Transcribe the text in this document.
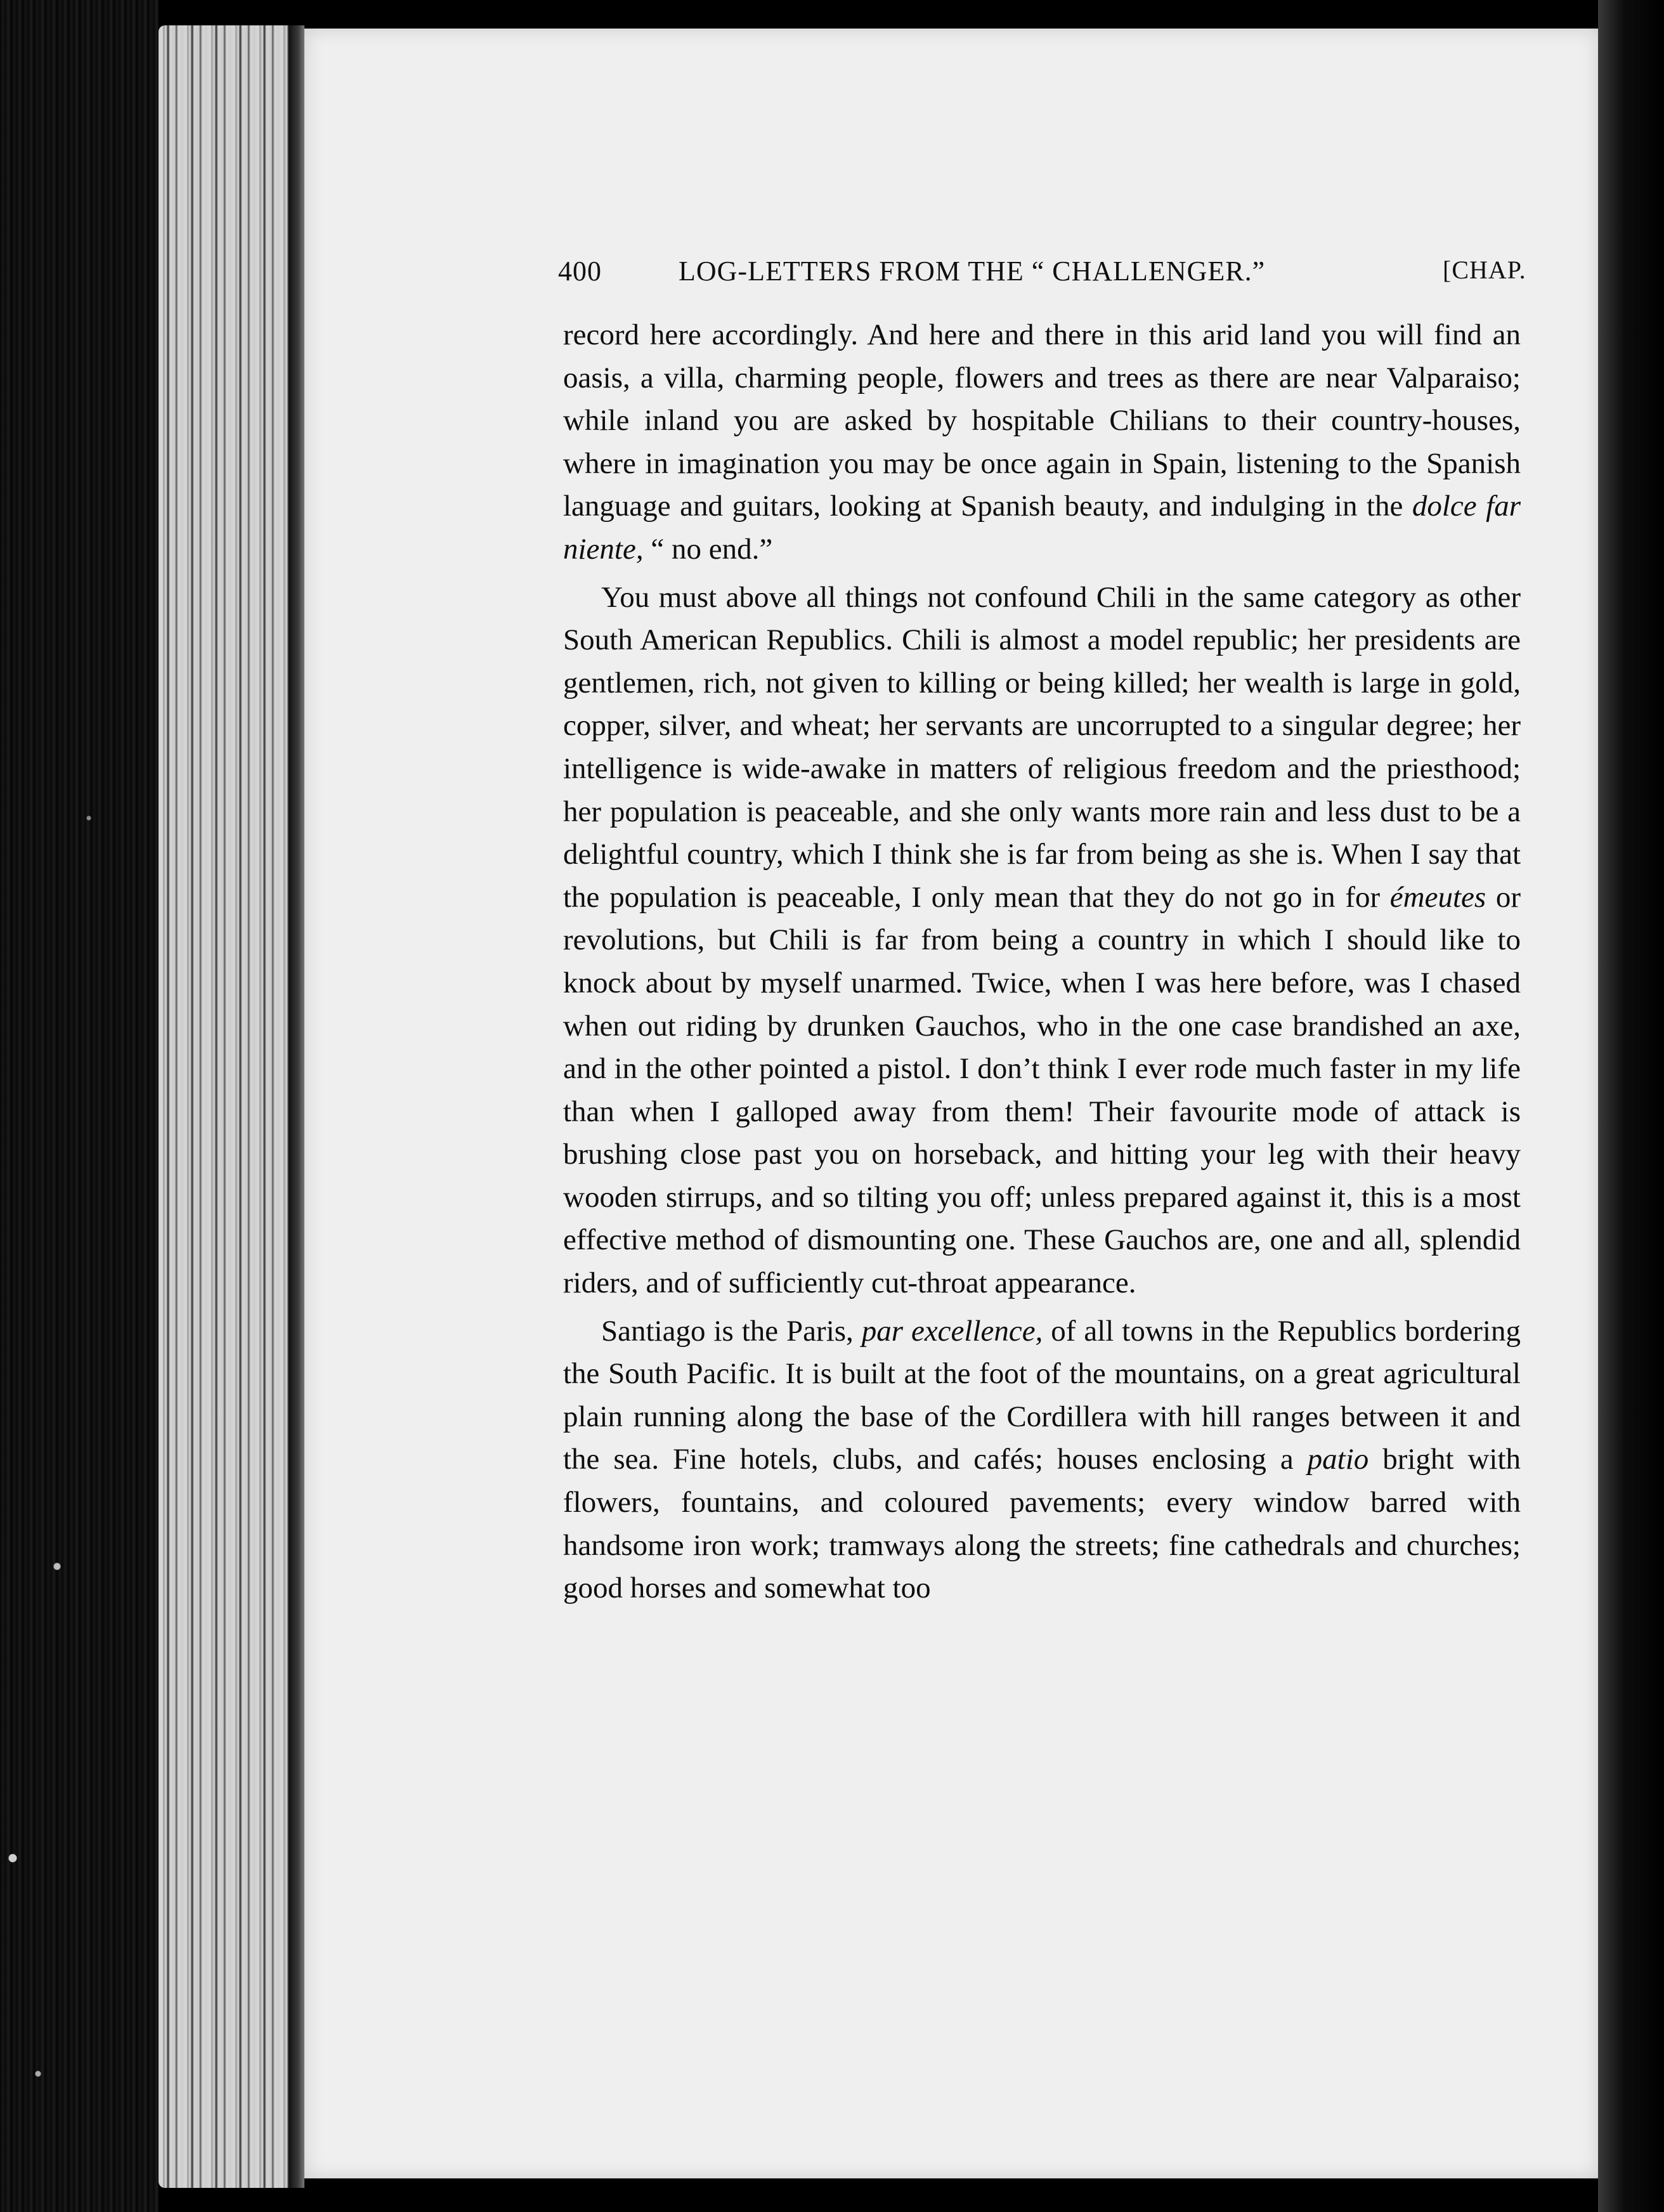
400	LOG-LETTERS FROM THE “ CHALLENGER.”	[CHAP.

record here accordingly. And here and there in this arid land you will find an oasis, a villa, charming people, flowers and trees as there are near Valparaiso; while inland you are asked by hospitable Chilians to their country-houses, where in imagination you may be once again in Spain, listening to the Spanish language and guitars, looking at Spanish beauty, and indulging in the dolce far niente, “ no end.”

You must above all things not confound Chili in the same category as other South American Republics. Chili is almost a model republic; her presidents are gentlemen, rich, not given to killing or being killed; her wealth is large in gold, copper, silver, and wheat; her servants are uncorrupted to a singular degree; her intelligence is wide-awake in matters of religious freedom and the priesthood; her population is peaceable, and she only wants more rain and less dust to be a delightful country, which I think she is far from being as she is. When I say that the population is peaceable, I only mean that they do not go in for émeutes or revolutions, but Chili is far from being a country in which I should like to knock about by myself unarmed. Twice, when I was here before, was I chased when out riding by drunken Gauchos, who in the one case brandished an axe, and in the other pointed a pistol. I don’t think I ever rode much faster in my life than when I galloped away from them! Their favourite mode of attack is brushing close past you on horseback, and hitting your leg with their heavy wooden stirrups, and so tilting you off; unless prepared against it, this is a most effective method of dismounting one. These Gauchos are, one and all, splendid riders, and of sufficiently cut-throat appearance.

Santiago is the Paris, par excellence, of all towns in the Republics bordering the South Pacific. It is built at the foot of the mountains, on a great agricultural plain running along the base of the Cordillera with hill ranges between it and the sea. Fine hotels, clubs, and cafés; houses enclosing a patio bright with flowers, fountains, and coloured pavements; every window barred with handsome iron work; tramways along the streets; fine cathedrals and churches; good horses and somewhat too
